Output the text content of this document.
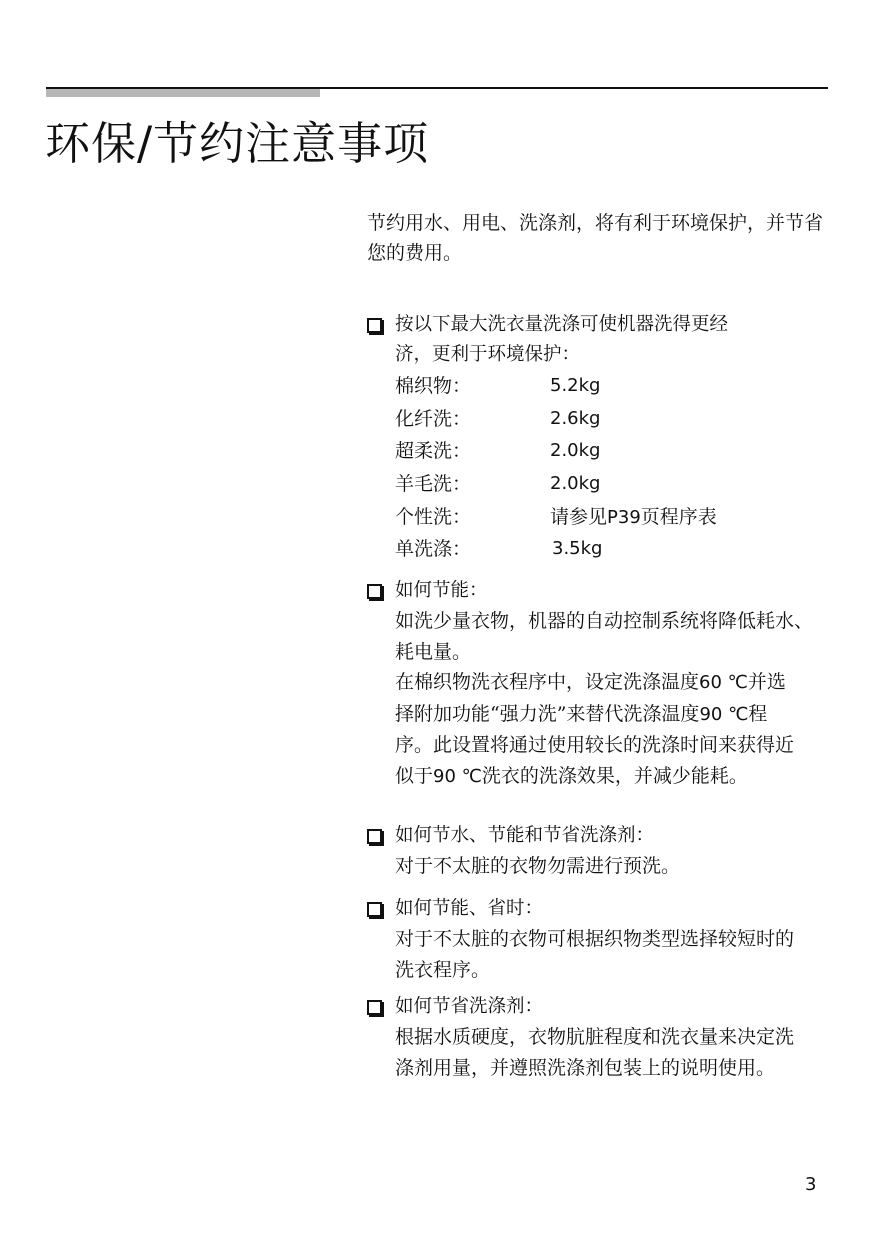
环保/节约注意事项

节约用水、用电、洗涤剂，将有利于环境保护，并节省您的费用。

按以下最大洗衣量洗涤可使机器洗得更经
济，更利于环境保护：
棉织物：	5.2kg
化纤洗：	2.6kg
超柔洗：	2.0kg
羊毛洗：	2.0kg
个性洗：	请参见P39页程序表
单洗涤：	3.5kg
如何节能：

如洗少量衣物，机器的自动控制系统将降低耗水、

耗电量。

在棉织物洗衣程序中，设定洗涤温度60 ℃并选

择附加功能“强力洗”来替代洗涤温度90 ℃程

序。此设置将通过使用较长的洗涤时间来获得近

似于90 ℃洗衣的洗涤效果，并减少能耗。

如何节水、节能和节省洗涤剂：

对于不太脏的衣物勿需进行预洗。

如何节能、省时：

对于不太脏的衣物可根据织物类型选择较短时的

洗衣程序。

如何节省洗涤剂：

根据水质硬度，衣物肮脏程度和洗衣量来决定洗

涤剂用量，并遵照洗涤剂包装上的说明使用。

3
